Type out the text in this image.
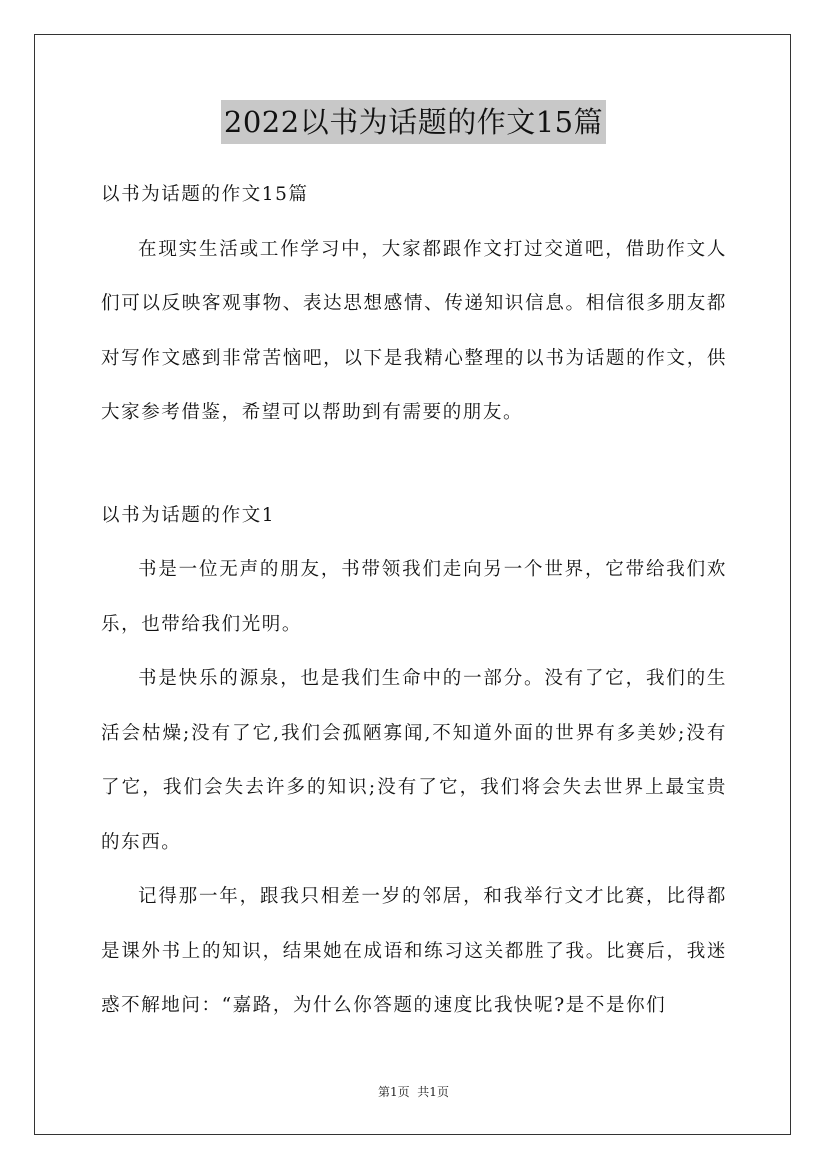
2022以书为话题的作文15篇

以书为话题的作文15篇

在现实生活或工作学习中，大家都跟作文打过交道吧，借助作文人们可以反映客观事物、表达思想感情、传递知识信息。相信很多朋友都对写作文感到非常苦恼吧，以下是我精心整理的以书为话题的作文，供大家参考借鉴，希望可以帮助到有需要的朋友。

以书为话题的作文1

书是一位无声的朋友，书带领我们走向另一个世界，它带给我们欢乐，也带给我们光明。

书是快乐的源泉，也是我们生命中的一部分。没有了它，我们的生活会枯燥;没有了它,我们会孤陋寡闻,不知道外面的世界有多美妙;没有了它，我们会失去许多的知识;没有了它，我们将会失去世界上最宝贵的东西。

记得那一年，跟我只相差一岁的邻居，和我举行文才比赛，比得都是课外书上的知识，结果她在成语和练习这关都胜了我。比赛后，我迷惑不解地问：“嘉路，为什么你答题的速度比我快呢?是不是你们

第1页  共1页
